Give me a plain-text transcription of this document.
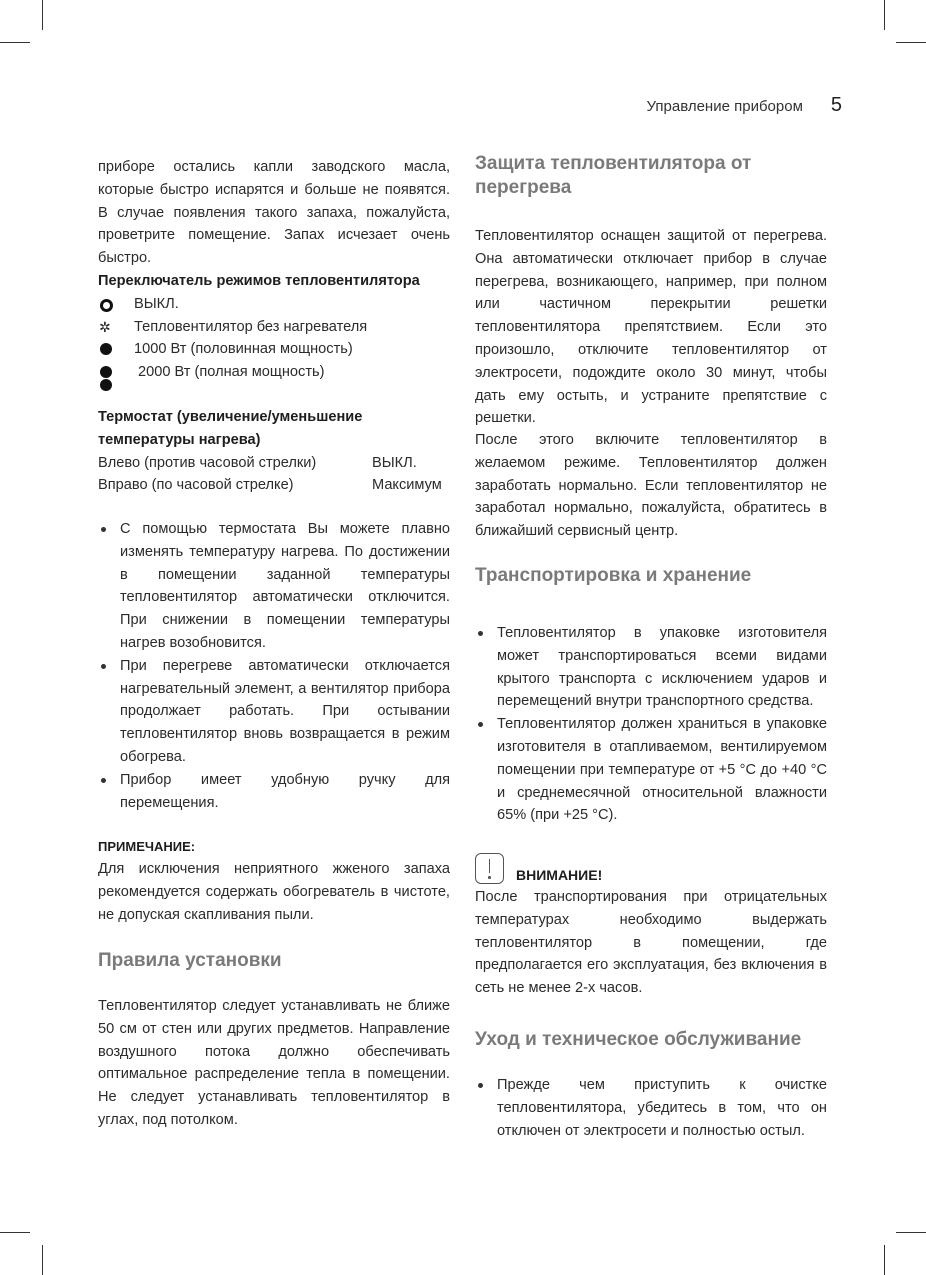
Управление прибором 5

приборе остались капли заводского масла, которые быстро испарятся и больше не появятся. В случае появления такого запаха, пожалуйста, проветрите помещение. Запах исчезает очень быстро.

Переключатель режимов тепловентилятора
ВЫКЛ.
✲ Тепловентилятор без нагревателя
1000 Вт (половинная мощность)
2000 Вт (полная мощность)
Термостат (увеличение/уменьшение температуры нагрева)
Влево (против часовой стрелки)	ВЫКЛ.
Вправо (по часовой стрелке)	Максимум
С помощью термостата Вы можете плавно изменять температуру нагрева. По достижении в помещении заданной температуры тепловентилятор автоматически отключится. При снижении в помещении температуры нагрев возобновится.
При перегреве автоматически отключается нагревательный элемент, а вентилятор прибора продолжает работать. При остывании тепловентилятор вновь возвращается в режим обогрева.
Прибор имеет удобную ручку для перемещения.
ПРИМЕЧАНИЕ:

Для исключения неприятного жженого запаха рекомендуется содержать обогреватель в чистоте, не допуская скапливания пыли.

Правила установки

Тепловентилятор следует устанавливать не ближе 50 см от стен или других предметов. Направление воздушного потока должно обеспечивать оптимальное распределение тепла в помещении. Не следует устанавливать тепловентилятор в углах, под потолком.

Защита тепловентилятора от перегрева

Тепловентилятор оснащен защитой от перегрева. Она автоматически отключает прибор в случае перегрева, возникающего, например, при полном или частичном перекрытии решетки тепловентилятора препятствием. Если это произошло, отключите тепловентилятор от электросети, подождите около 30 минут, чтобы дать ему остыть, и устраните препятствие с решетки.

После этого включите тепловентилятор в желаемом режиме. Тепловентилятор должен заработать нормально. Если тепловентилятор не заработал нормально, пожалуйста, обратитесь в ближайший сервисный центр.

Транспортировка и хранение
Тепловентилятор в упаковке изготовителя может транспортироваться всеми видами крытого транспорта с исключением ударов и перемещений внутри транспортного средства.
Тепловентилятор должен храниться в упаковке изготовителя в отапливаемом, вентилируемом помещении при температуре от +5 °С до +40 °С и среднемесячной относительной влажности 65% (при +25 °С).
ВНИМАНИЕ!

После транспортирования при отрицательных температурах необходимо выдержать тепловентилятор в помещении, где предполагается его эксплуатация, без включения в сеть не менее 2-х часов.

Уход и техническое обслуживание
Прежде чем приступить к очистке тепловентилятора, убедитесь в том, что он отключен от электросети и полностью остыл.
